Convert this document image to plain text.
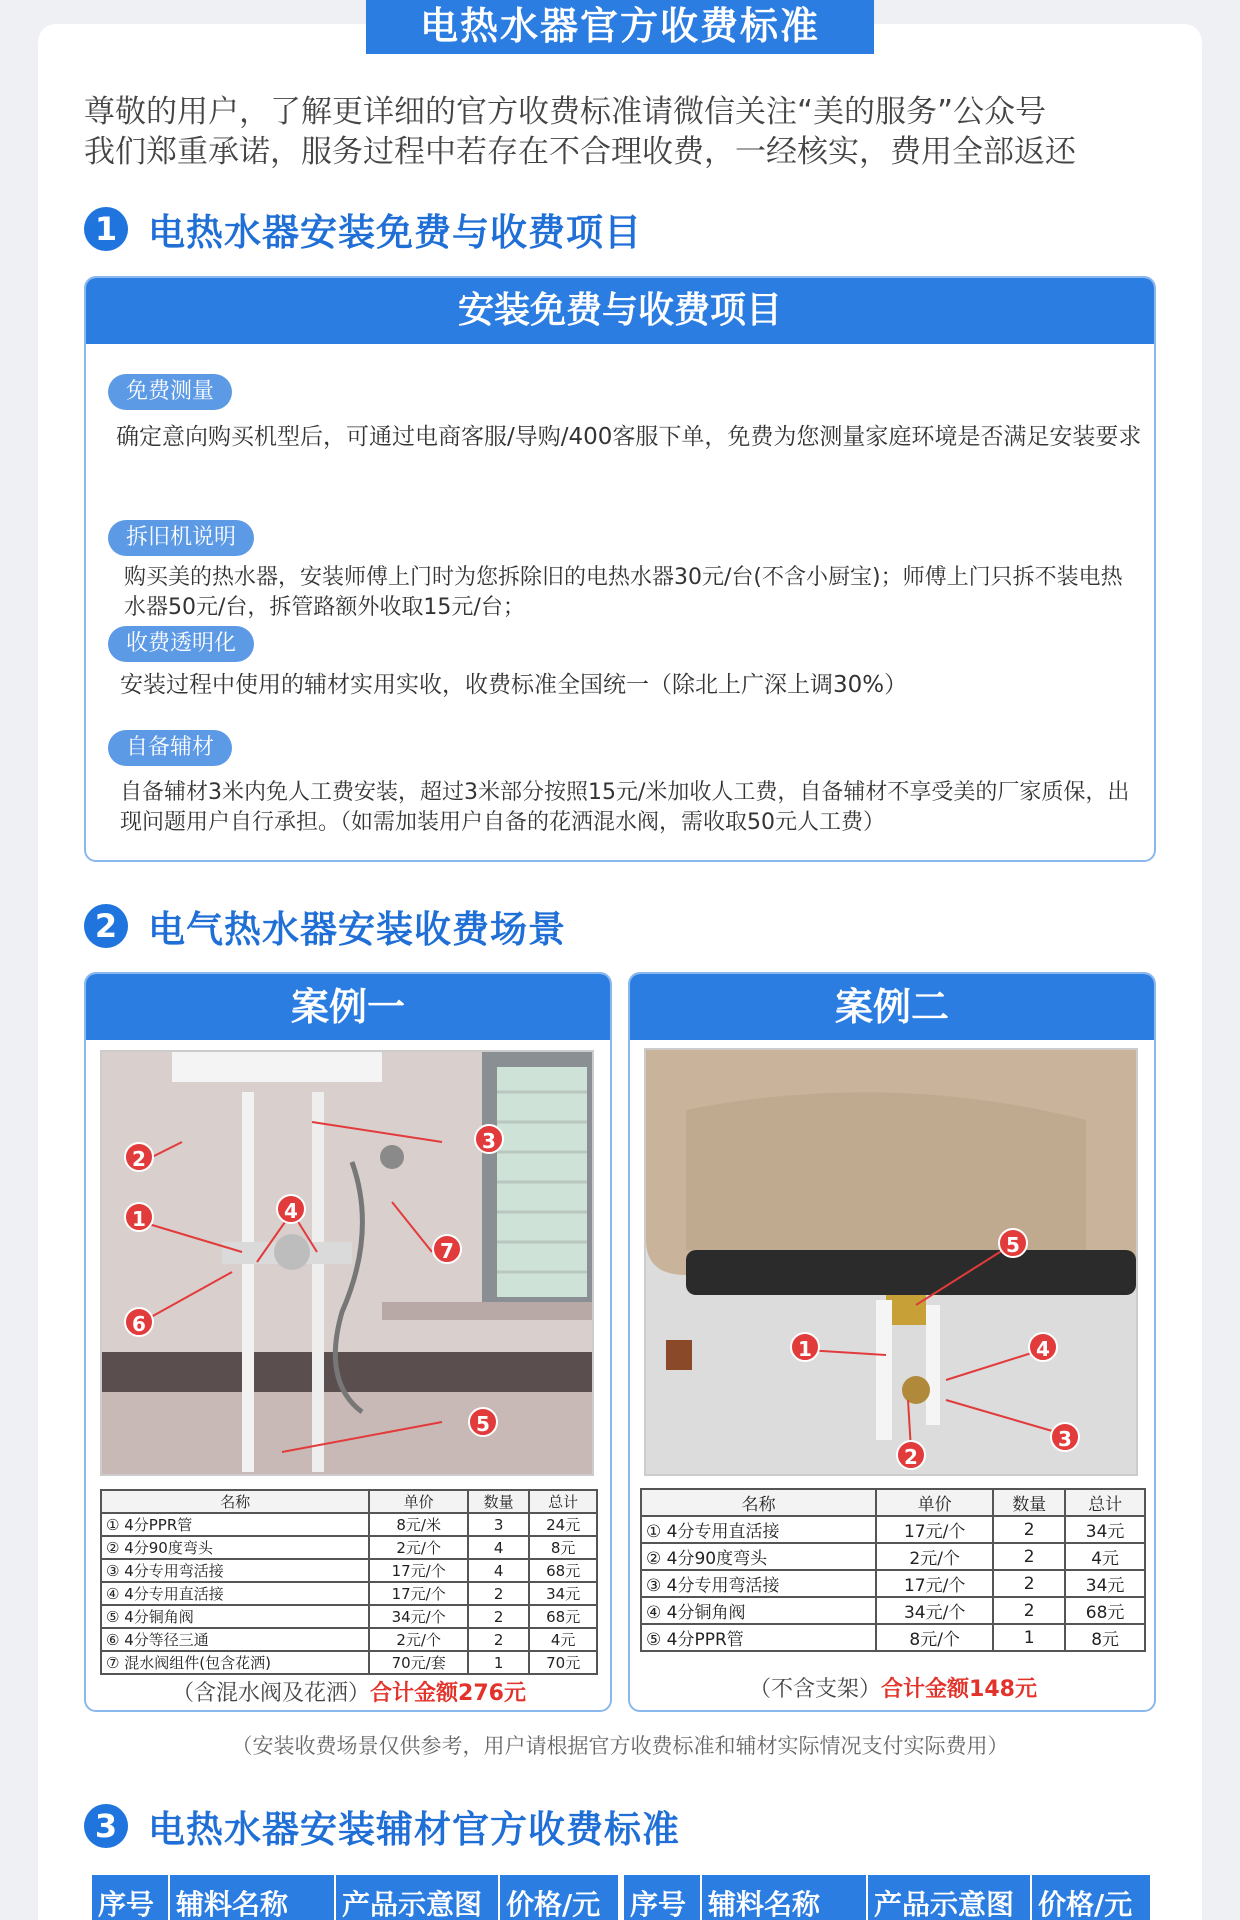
电热水器官方收费标准
尊敬的用户，了解更详细的官方收费标准请微信关注“美的服务”公众号
我们郑重承诺，服务过程中若存在不合理收费，一经核实，费用全部返还
1 电热水器安装免费与收费项目
安装免费与收费项目
免费测量
确定意向购买机型后，可通过电商客服/导购/400客服下单，免费为您测量家庭环境是否满足安装要求
拆旧机说明
购买美的热水器，安装师傅上门时为您拆除旧的电热水器30元/台(不含小厨宝)；师傅上门只拆不装电热水器50元/台，拆管路额外收取15元/台；
收费透明化
安装过程中使用的辅材实用实收，收费标准全国统一（除北上广深上调30%）
自备辅材
自备辅材3米内免人工费安装，超过3米部分按照15元/米加收人工费，自备辅材不享受美的厂家质保，出现问题用户自行承担。（如需加装用户自备的花洒混水阀，需收取50元人工费）
2 电气热水器安装收费场景
案例一
2
1
6
4
3
7
5
名称	单价	数量	总计
① 4分PPR管	8元/米	3	24元
② 4分90度弯头	2元/个	4	8元
③ 4分专用弯活接	17元/个	4	68元
④ 4分专用直活接	17元/个	2	34元
⑤ 4分铜角阀	34元/个	2	68元
⑥ 4分等径三通	2元/个	2	4元
⑦ 混水阀组件(包含花洒)	70元/套	1	70元
（含混水阀及花洒）合计金额276元
案例二
1
2
3
4
5
名称	单价	数量	总计
① 4分专用直活接	17元/个	2	34元
② 4分90度弯头	2元/个	2	4元
③ 4分专用弯活接	17元/个	2	34元
④ 4分铜角阀	34元/个	2	68元
⑤ 4分PPR管	8元/个	1	8元
（不含支架）合计金额148元
（安装收费场景仅供参考，用户请根据官方收费标准和辅材实际情况支付实际费用）
3 电热水器安装辅材官方收费标准
序号 辅料名称	产品示意图 价格/元	序号 辅料名称	产品示意图 价格/元
